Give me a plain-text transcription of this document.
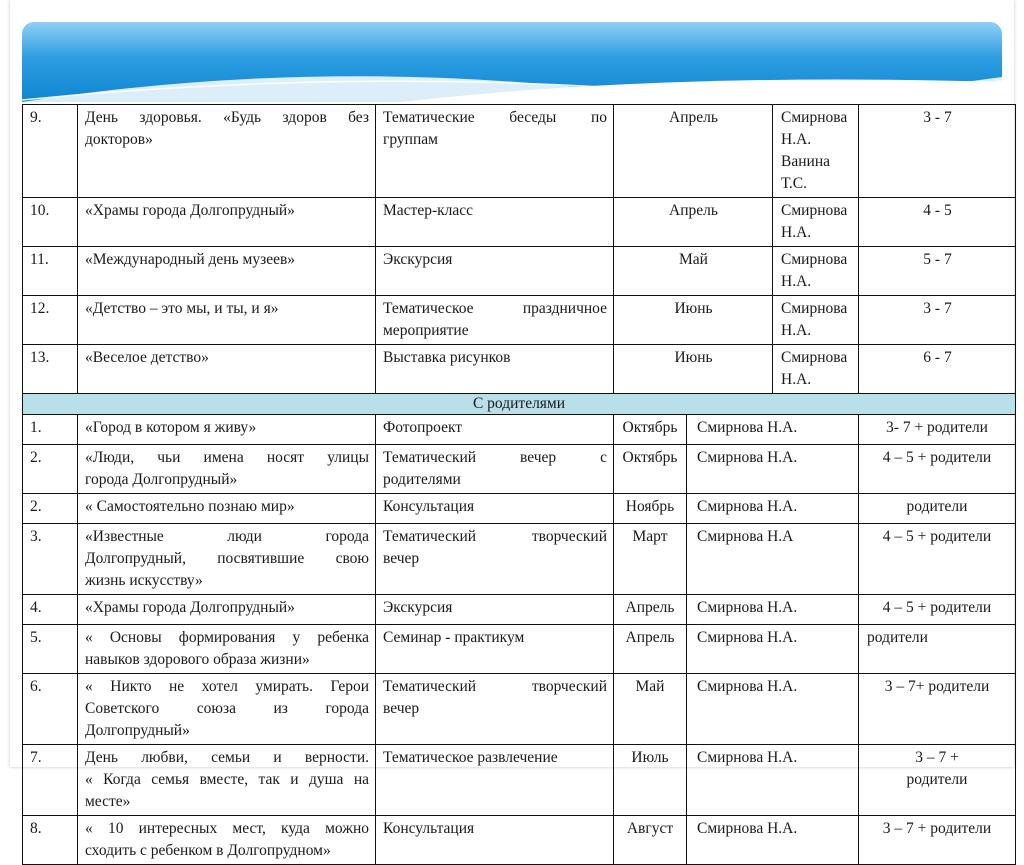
9.	День здоровья. «Будь здоров без
докторов»	Тематические беседы по
группам	Апрель		Смирнова Н.А.
Ванина Т.С.	3 - 7
10.	«Храмы города Долгопрудный»	Мастер-класс	Апрель		Смирнова Н.А.	4 - 5
11.	«Международный день музеев»	Экскурсия	Май		Смирнова Н.А.	5 - 7
12.	«Детство – это мы, и ты, и я»	Тематическое праздничное
мероприятие	Июнь		Смирнова Н.А.	3 - 7
13.	«Веселое детство»	Выставка рисунков	Июнь		Смирнова Н.А.	6 - 7
С родителями						
1.	«Город в котором я живу»	Фотопроект	Октябрь	Смирнова Н.А.		3- 7 + родители

2.	«Люди, чьи имена носят улицы
города Долгопрудный»	Тематический вечер с
родителями	Октябрь	Смирнова Н.А.		4 – 5 + родители

2.	« Самостоятельно познаю мир»	Консультация	Ноябрь	Смирнова Н.А.		родители

3.	«Известные люди города
Долгопрудный, посвятившие свою
жизнь искусству»	Тематический творческий
вечер	Март	Смирнова Н.А		4 – 5 + родители

4.	«Храмы города Долгопрудный»	Экскурсия	Апрель	Смирнова Н.А.		4 – 5 + родители

5.	« Основы формирования у ребенка
навыков здорового образа жизни»	Семинар - практикум	Апрель	Смирнова Н.А.		родители

6.	« Никто не хотел умирать. Герои
Советского союза из города
Долгопрудный»	Тематический творческий
вечер	Май	Смирнова Н.А.		3 – 7+ родители

7.	День любви, семьи и верности.
« Когда семья вместе, так и душа на
месте»	Тематическое развлечение	Июль	Смирнова Н.А.		3 – 7 +
родители

8.	« 10 интересных мест, куда можно
сходить с ребенком в Долгопрудном»	Консультация	Август	Смирнова Н.А.		3 – 7 + родители
